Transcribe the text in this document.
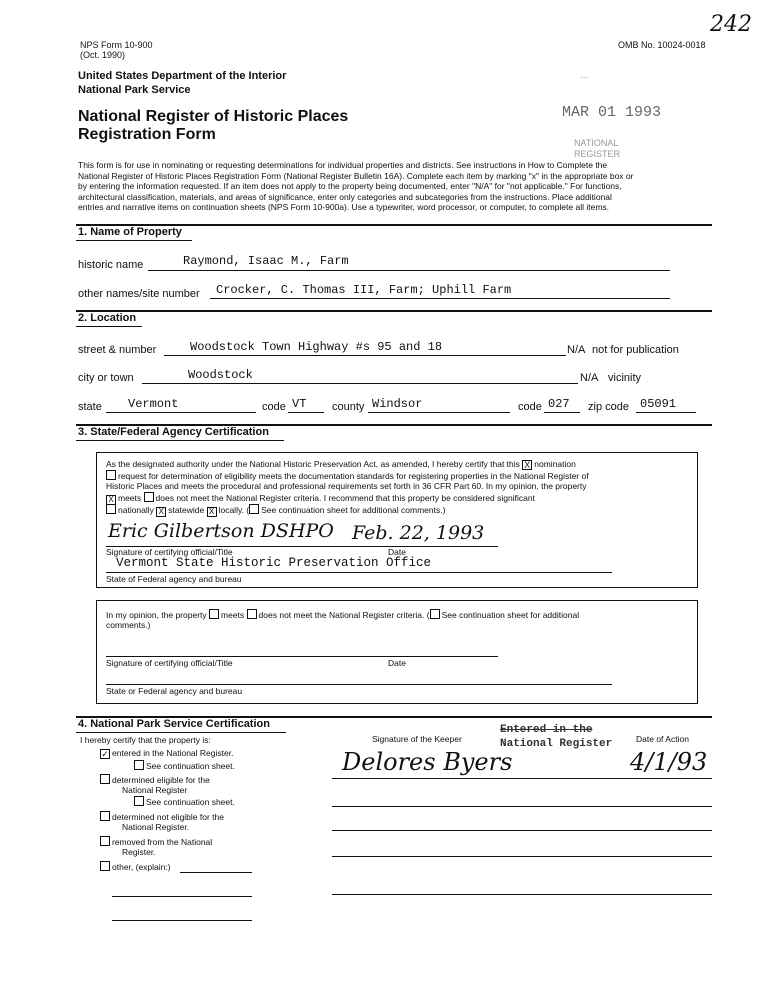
NPS Form 10-900
(Oct. 1990)
OMB No. 10024-0018
242
United States Department of the Interior
National Park Service
National Register of Historic Places
Registration Form
...
MAR 01 1993
NATIONAL
REGISTER
This form is for use in nominating or requesting determinations for individual properties and districts. See instructions in How to Complete the
National Register of Historic Places Registration Form (National Register Bulletin 16A). Complete each item by marking "x" in the appropriate box or
by entering the information requested. If an item does not apply to the property being documented, enter "N/A" for "not applicable." For functions,
architectural classification, materials, and areas of significance, enter only categories and subcategories from the instructions. Place additional
entries and narrative items on continuation sheets (NPS Form 10-900a). Use a typewriter, word processor, or computer, to complete all items.
1. Name of Property
historic name	Raymond, Isaac M., Farm
other names/site number Crocker, C. Thomas III, Farm; Uphill Farm
2. Location
street & number	Woodstock Town Highway #s 95 and 18	N/A not for publication
city or town	Woodstock	N/A vicinity
state Vermont	code VT county Windsor	code 027 zip code 05091
3. State/Federal Agency Certification
As the designated authority under the National Historic Preservation Act, as amended, I hereby certify that this X nomination
request for determination of eligibility meets the documentation standards for registering properties in the National Register of
Historic Places and meets the procedural and professional requirements set forth in 36 CFR Part 60. In my opinion, the property
X meets does not meet the National Register criteria. I recommend that this property be considered significant
nationally X statewide X locally. ( See continuation sheet for additional comments.)
Eric Gilbertson DSHPO Feb. 22, 1993
Signature of certifying official/Title	Date
Vermont State Historic Preservation Office
State of Federal agency and bureau
In my opinion, the property meets does not meet the National Register criteria. ( See continuation sheet for additional
comments.)
Signature of certifying official/Title	Date
State or Federal agency and bureau
4. National Park Service Certification
I hereby certify that the property is:
✓ entered in the National Register.
See continuation sheet.
determined eligible for the
National Register
See continuation sheet.
determined not eligible for the
National Register.
removed from the National
Register.
other, (explain:)
Signature of the Keeper
Entered in the
National Register	Date of Action
Delores Byers	4/1/93
